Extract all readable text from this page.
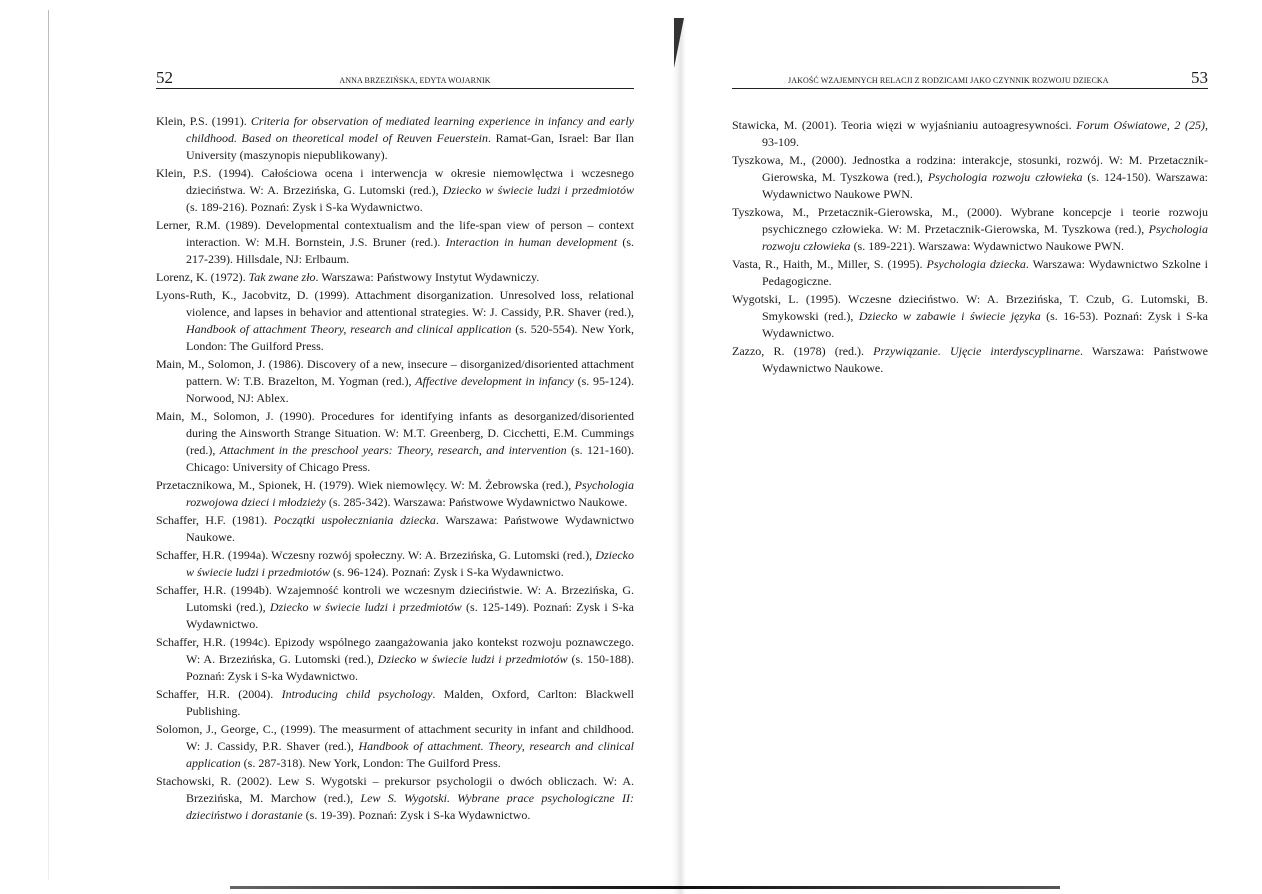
52	ANNA BRZEZIŃSKA, EDYTA WOJARNIK

Klein, P.S. (1991). Criteria for observation of mediated learning experience in infancy and early childhood. Based on theoretical model of Reuven Feuerstein. Ramat-Gan, Israel: Bar Ilan University (maszynopis niepublikowany).

Klein, P.S. (1994). Całościowa ocena i interwencja w okresie niemowlęctwa i wczesnego dzieciństwa. W: A. Brzezińska, G. Lutomski (red.), Dziecko w świecie ludzi i przedmiotów (s. 189-216). Poznań: Zysk i S-ka Wydawnictwo.

Lerner, R.M. (1989). Developmental contextualism and the life-span view of person – context interaction. W: M.H. Bornstein, J.S. Bruner (red.). Interaction in human development (s. 217-239). Hillsdale, NJ: Erlbaum.

Lorenz, K. (1972). Tak zwane zło. Warszawa: Państwowy Instytut Wydawniczy.

Lyons-Ruth, K., Jacobvitz, D. (1999). Attachment disorganization. Unresolved loss, relational violence, and lapses in behavior and attentional strategies. W: J. Cassidy, P.R. Shaver (red.), Handbook of attachment Theory, research and clinical application (s. 520-554). New York, London: The Guilford Press.

Main, M., Solomon, J. (1986). Discovery of a new, insecure – disorganized/disoriented attachment pattern. W: T.B. Brazelton, M. Yogman (red.), Affective development in infancy (s. 95-124). Norwood, NJ: Ablex.

Main, M., Solomon, J. (1990). Procedures for identifying infants as desorganized/disoriented during the Ainsworth Strange Situation. W: M.T. Greenberg, D. Cicchetti, E.M. Cummings (red.), Attachment in the preschool years: Theory, research, and intervention (s. 121-160). Chicago: University of Chicago Press.

Przetacznikowa, M., Spionek, H. (1979). Wiek niemowlęcy. W: M. Żebrowska (red.), Psychologia rozwojowa dzieci i młodzieży (s. 285-342). Warszawa: Państwowe Wydawnictwo Naukowe.

Schaffer, H.F. (1981). Początki uspołeczniania dziecka. Warszawa: Państwowe Wydawnictwo Naukowe.

Schaffer, H.R. (1994a). Wczesny rozwój społeczny. W: A. Brzezińska, G. Lutomski (red.), Dziecko w świecie ludzi i przedmiotów (s. 96-124). Poznań: Zysk i S-ka Wydawnictwo.

Schaffer, H.R. (1994b). Wzajemność kontroli we wczesnym dzieciństwie. W: A. Brzezińska, G. Lutomski (red.), Dziecko w świecie ludzi i przedmiotów (s. 125-149). Poznań: Zysk i S-ka Wydawnictwo.

Schaffer, H.R. (1994c). Epizody wspólnego zaangażowania jako kontekst rozwoju poznawczego. W: A. Brzezińska, G. Lutomski (red.), Dziecko w świecie ludzi i przedmiotów (s. 150-188). Poznań: Zysk i S-ka Wydawnictwo.

Schaffer, H.R. (2004). Introducing child psychology. Malden, Oxford, Carlton: Blackwell Publishing.

Solomon, J., George, C., (1999). The measurment of attachment security in infant and childhood. W: J. Cassidy, P.R. Shaver (red.), Handbook of attachment. Theory, research and clinical application (s. 287-318). New York, London: The Guilford Press.

Stachowski, R. (2002). Lew S. Wygotski – prekursor psychologii o dwóch obliczach. W: A. Brzezińska, M. Marchow (red.), Lew S. Wygotski. Wybrane prace psychologiczne II: dzieciństwo i dorastanie (s. 19-39). Poznań: Zysk i S-ka Wydawnictwo.

JAKOŚĆ WZAJEMNYCH RELACJI Z RODZICAMI JAKO CZYNNIK ROZWOJU DZIECKA	53

Stawicka, M. (2001). Teoria więzi w wyjaśnianiu autoagresywności. Forum Oświatowe, 2 (25), 93-109.

Tyszkowa, M., (2000). Jednostka a rodzina: interakcje, stosunki, rozwój. W: M. Przetacznik-Gierowska, M. Tyszkowa (red.), Psychologia rozwoju człowieka (s. 124-150). Warszawa: Wydawnictwo Naukowe PWN.

Tyszkowa, M., Przetacznik-Gierowska, M., (2000). Wybrane koncepcje i teorie rozwoju psychicznego człowieka. W: M. Przetacznik-Gierowska, M. Tyszkowa (red.), Psychologia rozwoju człowieka (s. 189-221). Warszawa: Wydawnictwo Naukowe PWN.

Vasta, R., Haith, M., Miller, S. (1995). Psychologia dziecka. Warszawa: Wydawnictwo Szkolne i Pedagogiczne.

Wygotski, L. (1995). Wczesne dzieciństwo. W: A. Brzezińska, T. Czub, G. Lutomski, B. Smykowski (red.), Dziecko w zabawie i świecie języka (s. 16-53). Poznań: Zysk i S-ka Wydawnictwo.

Zazzo, R. (1978) (red.). Przywiązanie. Ujęcie interdyscyplinarne. Warszawa: Państwowe Wydawnictwo Naukowe.
